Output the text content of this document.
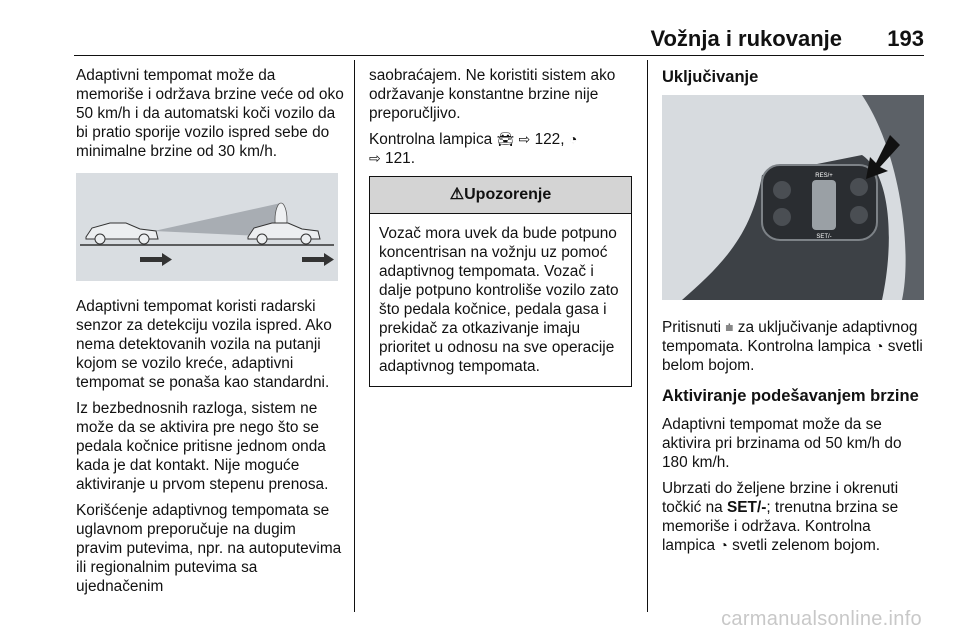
Vožnja i rukovanje 193

Adaptivni tempomat može da memoriše i održava brzine veće od oko 50 km/h i da automatski koči vozilo da bi pratio sporije vozilo ispred sebe do minimalne brzine od 30 km/h.

Adaptivni tempomat koristi radarski senzor za detekciju vozila ispred. Ako nema detektovanih vozila na putanji kojom se vozilo kreće, adaptivni tempomat se ponaša kao standardni.

Iz bezbednosnih razloga, sistem ne može da se aktivira pre nego što se pedala kočnice pritisne jednom onda kada je dat kontakt. Nije moguće aktiviranje u prvom stepenu prenosa.

Korišćenje adaptivnog tempomata se uglavnom preporučuje na dugim pravim putevima, npr. na autoputevima ili regionalnim putevima sa ujednačenim

saobraćajem. Ne koristiti sistem ako održavanje konstantne brzine nije preporučljivo.

Kontrolna lampica 🚘︎ ⇨ 122, ◔
⇨ 121.

⚠Upozorenje

Vozač mora uvek da bude potpuno koncentrisan na vožnju uz pomoć adaptivnog tempomata. Vozač i dalje potpuno kontroliše vozilo zato što pedala kočnice, pedala gasa i prekidač za otkazivanje imaju prioritet u odnosu na sve operacije adaptivnog tempomata.

Uključivanje
RES/+
SET/-

Pritisnuti ⩧ za uključivanje adaptivnog tempomata. Kontrolna lampica ◔ svetli belom bojom.

Aktiviranje podešavanjem brzine

Adaptivni tempomat može da se aktivira pri brzinama od 50 km/h do 180 km/h.

Ubrzati do željene brzine i okrenuti točkić na SET/-; trenutna brzina se memoriše i održava. Kontrolna lampica ◔ svetli zelenom bojom.

carmanualsonline.info
